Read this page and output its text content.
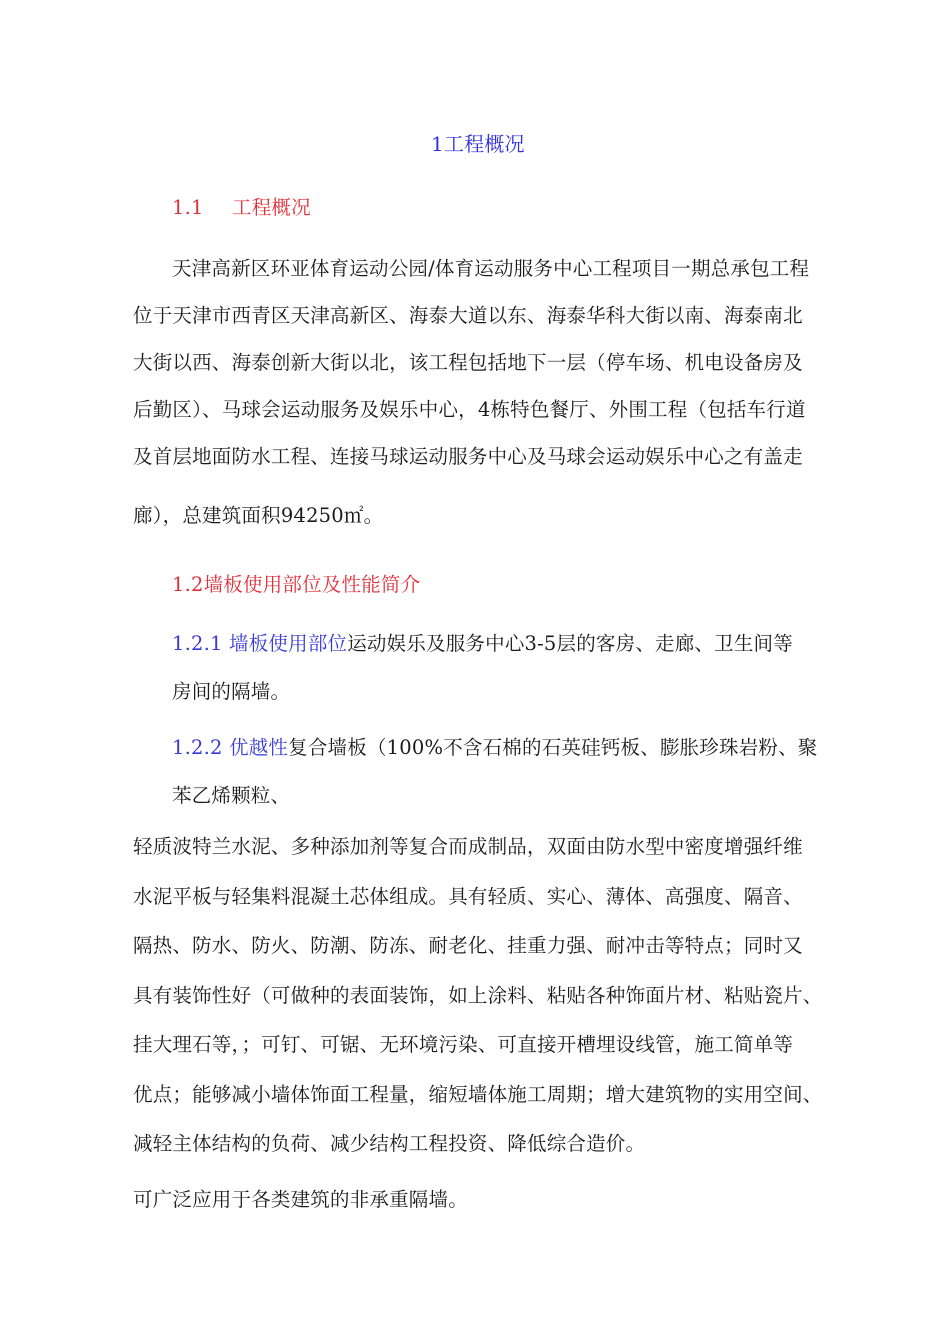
1工程概况
1.1 工程概况
天津高新区环亚体育运动公园/体育运动服务中心工程项目一期总承包工程
位于天津市西青区天津高新区、海泰大道以东、海泰华科大街以南、海泰南北
大街以西、海泰创新大街以北，该工程包括地下一层（停车场、机电设备房及
后勤区）、马球会运动服务及娱乐中心，4栋特色餐厅、外围工程（包括车行道
及首层地面防水工程、连接马球运动服务中心及马球会运动娱乐中心之有盖走
廊），总建筑面积94250㎡。
1.2墙板使用部位及性能简介
1.2.1 墙板使用部位运动娱乐及服务中心3-5层的客房、走廊、卫生间等
房间的隔墙。
1.2.2 优越性复合墙板（100%不含石棉的石英硅钙板、膨胀珍珠岩粉、聚
苯乙烯颗粒、
轻质波特兰水泥、多种添加剂等复合而成制品，双面由防水型中密度增强纤维
水泥平板与轻集料混凝土芯体组成。具有轻质、实心、薄体、高强度、隔音、
隔热、防水、防火、防潮、防冻、耐老化、挂重力强、耐冲击等特点；同时又
具有装饰性好（可做种的表面装饰，如上涂料、粘贴各种饰面片材、粘贴瓷片、
挂大理石等，；可钉、可锯、无环境污染、可直接开槽埋设线管，施工简单等
优点；能够减小墙体饰面工程量，缩短墙体施工周期；增大建筑物的实用空间、
减轻主体结构的负荷、减少结构工程投资、降低综合造价。
可广泛应用于各类建筑的非承重隔墙。
